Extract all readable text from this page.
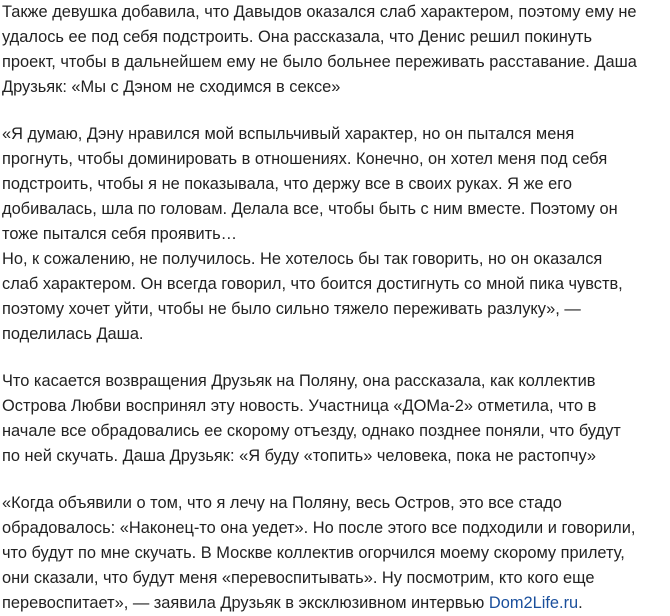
Также девушка добавила, что Давыдов оказался слаб характером, поэтому ему не
удалось ее под себя подстроить. Она рассказала, что Денис решил покинуть
проект, чтобы в дальнейшем ему не было больнее переживать расставание. Даша
Друзьяк: «Мы с Дэном не сходимся в сексе»
«Я думаю, Дэну нравился мой вспыльчивый характер, но он пытался меня
прогнуть, чтобы доминировать в отношениях. Конечно, он хотел меня под себя
подстроить, чтобы я не показывала, что держу все в своих руках. Я же его
добивалась, шла по головам. Делала все, чтобы быть с ним вместе. Поэтому он
тоже пытался себя проявить…
Но, к сожалению, не получилось. Не хотелось бы так говорить, но он оказался
слаб характером. Он всегда говорил, что боится достигнуть со мной пика чувств,
поэтому хочет уйти, чтобы не было сильно тяжело переживать разлуку», —
поделилась Даша.
Что касается возвращения Друзьяк на Поляну, она рассказала, как коллектив
Острова Любви воспринял эту новость. Участница «ДОМа-2» отметила, что в
начале все обрадовались ее скорому отъезду, однако позднее поняли, что будут
по ней скучать. Даша Друзьяк: «Я буду «топить» человека, пока не растопчу»
«Когда объявили о том, что я лечу на Поляну, весь Остров, это все стадо
обрадовалось: «Наконец-то она уедет». Но после этого все подходили и говорили,
что будут по мне скучать. В Москве коллектив огорчился моему скорому прилету,
они сказали, что будут меня «перевоспитывать». Ну посмотрим, кто кого еще
перевоспитает», — заявила Друзьяк в эксклюзивном интервью Dom2Life.ru.
